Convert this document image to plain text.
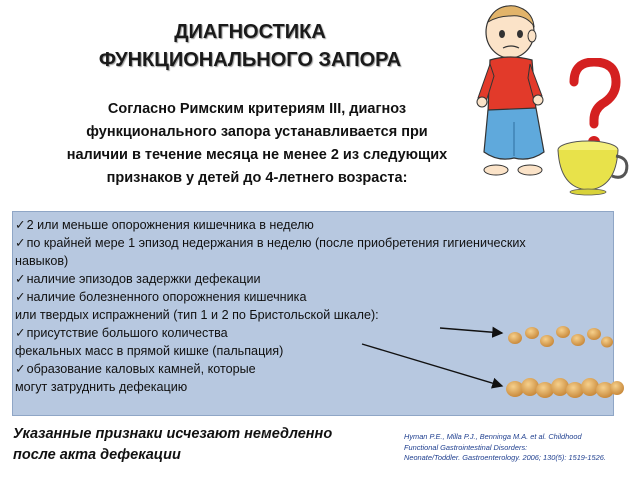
ДИАГНОСТИКА
ФУНКЦИОНАЛЬНОГО ЗАПОРА
Согласно Римским критериям III, диагноз
функционального запора устанавливается при
наличии в течение месяца не менее 2 из следующих
признаков у детей до 4-летнего возраста:

✓2 или меньше опорожнения кишечника в неделю

✓по крайней мере 1 эпизод недержания в неделю (после приобретения гигиенических

навыков)

✓наличие эпизодов задержки дефекации

✓наличие болезненного опорожнения кишечника

или твердых испражнений (тип 1 и 2 по Бристольской шкале):

✓присутствие большого количества

фекальных масс в прямой кишке (пальпация)

✓образование каловых камней, которые

могут затруднить дефекацию

Указанные признаки исчезают немедленно
после акта дефекации
Hyman P.E., Milla P.J., Benninga M.A. et al. Childhood
Functional Gastrointestinal Disorders:
Neonate/Toddler. Gastroenterology. 2006; 130(5): 1519-1526.
